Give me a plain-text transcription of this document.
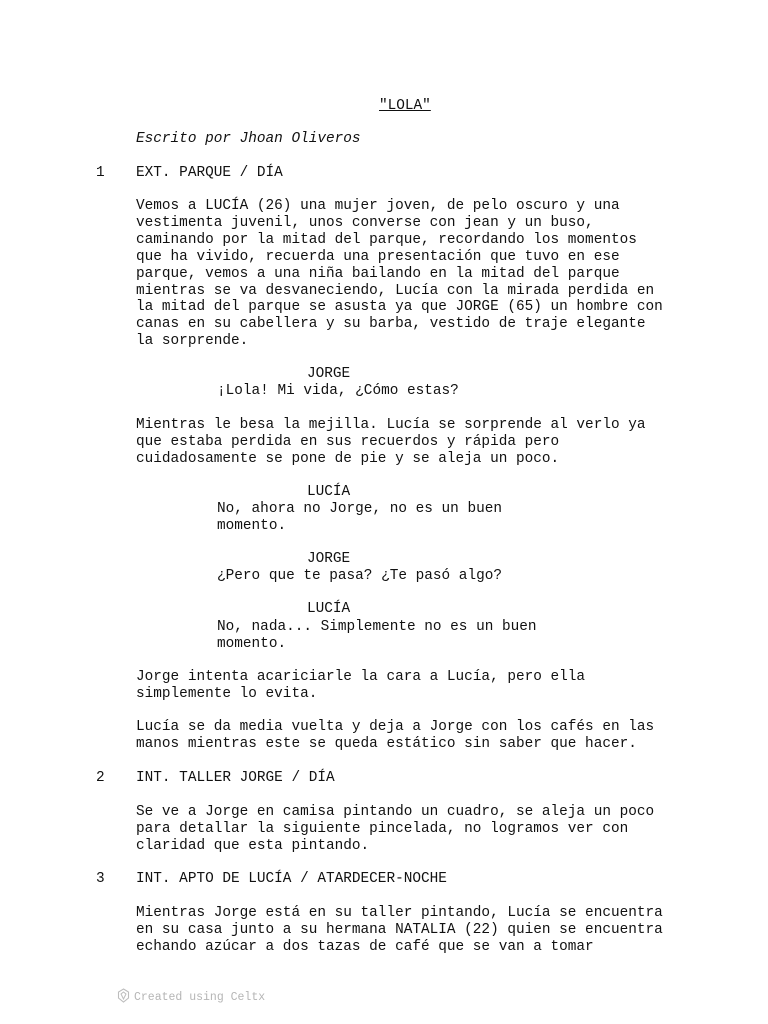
"LOLA"

Escrito por Jhoan Oliveros

1 EXT. PARQUE / DÍA

Vemos a LUCÍA (26) una mujer joven, de pelo oscuro y una
vestimenta juvenil, unos converse con jean y un buso,
caminando por la mitad del parque, recordando los momentos
que ha vivido, recuerda una presentación que tuvo en ese
parque, vemos a una niña bailando en la mitad del parque
mientras se va desvaneciendo, Lucía con la mirada perdida en
la mitad del parque se asusta ya que JORGE (65) un hombre con
canas en su cabellera y su barba, vestido de traje elegante
la sorprende.

JORGE

¡Lola! Mi vida, ¿Cómo estas?

Mientras le besa la mejilla. Lucía se sorprende al verlo ya
que estaba perdida en sus recuerdos y rápida pero
cuidadosamente se pone de pie y se aleja un poco.

LUCÍA

No, ahora no Jorge, no es un buen
momento.

JORGE

¿Pero que te pasa? ¿Te pasó algo?

LUCÍA

No, nada... Simplemente no es un buen
momento.

Jorge intenta acariciarle la cara a Lucía, pero ella
simplemente lo evita.

Lucía se da media vuelta y deja a Jorge con los cafés en las
manos mientras este se queda estático sin saber que hacer.

2 INT. TALLER JORGE / DÍA

Se ve a Jorge en camisa pintando un cuadro, se aleja un poco
para detallar la siguiente pincelada, no logramos ver con
claridad que esta pintando.

3 INT. APTO DE LUCÍA / ATARDECER-NOCHE

Mientras Jorge está en su taller pintando, Lucía se encuentra
en su casa junto a su hermana NATALIA (22) quien se encuentra
echando azúcar a dos tazas de café que se van a tomar

Created using Celtx
